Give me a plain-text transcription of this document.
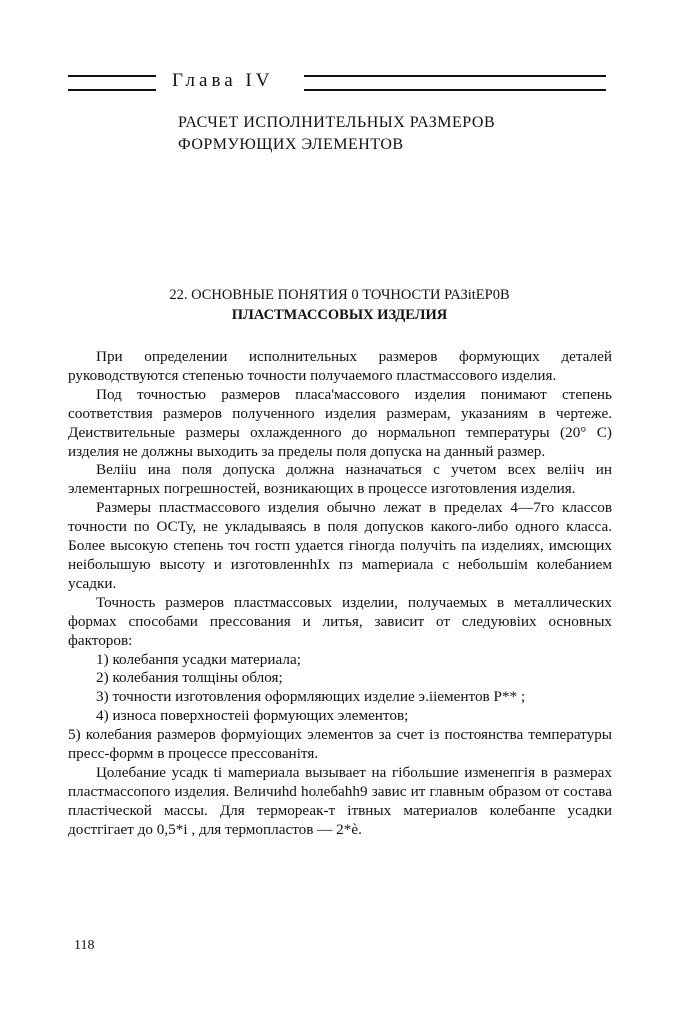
Глава IV
РАСЧЕТ ИСПОЛНИТЕЛЬНЫХ РАЗМЕРОВ
ФОРМУЮЩИХ ЭЛЕМЕНТОВ
22. ОСНОВНЫЕ ПОНЯТИЯ 0 ТОЧНОСТИ РАЗitЕР0В
ПЛАСТМАССОВЫХ ИЗДЕЛИЯ

При определении исполнительных размеров формующих деталей руководствуются степенью точности получаемого пластмассового изделия.

Под точностью размеров пласа'массового изделия понимают степень соответствия размеров полученного изделия размерам, указаниям в чертеже. Деиствительные размеры охлажденного до нормальноп температуры (20° С) изделия не должны выходить за пределы поля допуска на данный размер.

Велiiu ина поля допуска должна назначаться с учетом всех велiiч ин элементарных погрешностей, возникающих в процессе изготовления изделия.

Размеры пластмассового изделия обычно лежат в пределах 4—7го классов точности по ОСТу, не укладываясь в поля допусков какого-либо одного класса. Более высокую степень точ гостп удается гiногда получiть па изделиях, имсющих неiболышую высоту и изготовленнhIх пз маmериала с небольшiм колебанием усадки.

Точность размеров пластмассовых изделии, получаемых в металлических формах способами прессования и литья, зависит от следуювiих основных факторов:

1) колебанпя усадки материала;

2) колебания толщiны облоя;

3) точности изготовления оформляющих изделие э.iiементов Р** ;

4) износа поверхностеii формующих элементов;

5) колебания размеров формуioщих элементов за счет із постоянства температуры пресс-формм в процессе прессованiтя.

Цолебание усадк ti маmериала вызывает на гiбольшие изменепгiя в размерах пластмассопого изделия. Величиhd hолебаhh9 завис ит главным обpазом от состава пластiческой массы. Для термореак-т iтвных материалов колебанпе усадки достгiгает до 0,5*i , для термопластов — 2*ѐ.

118
